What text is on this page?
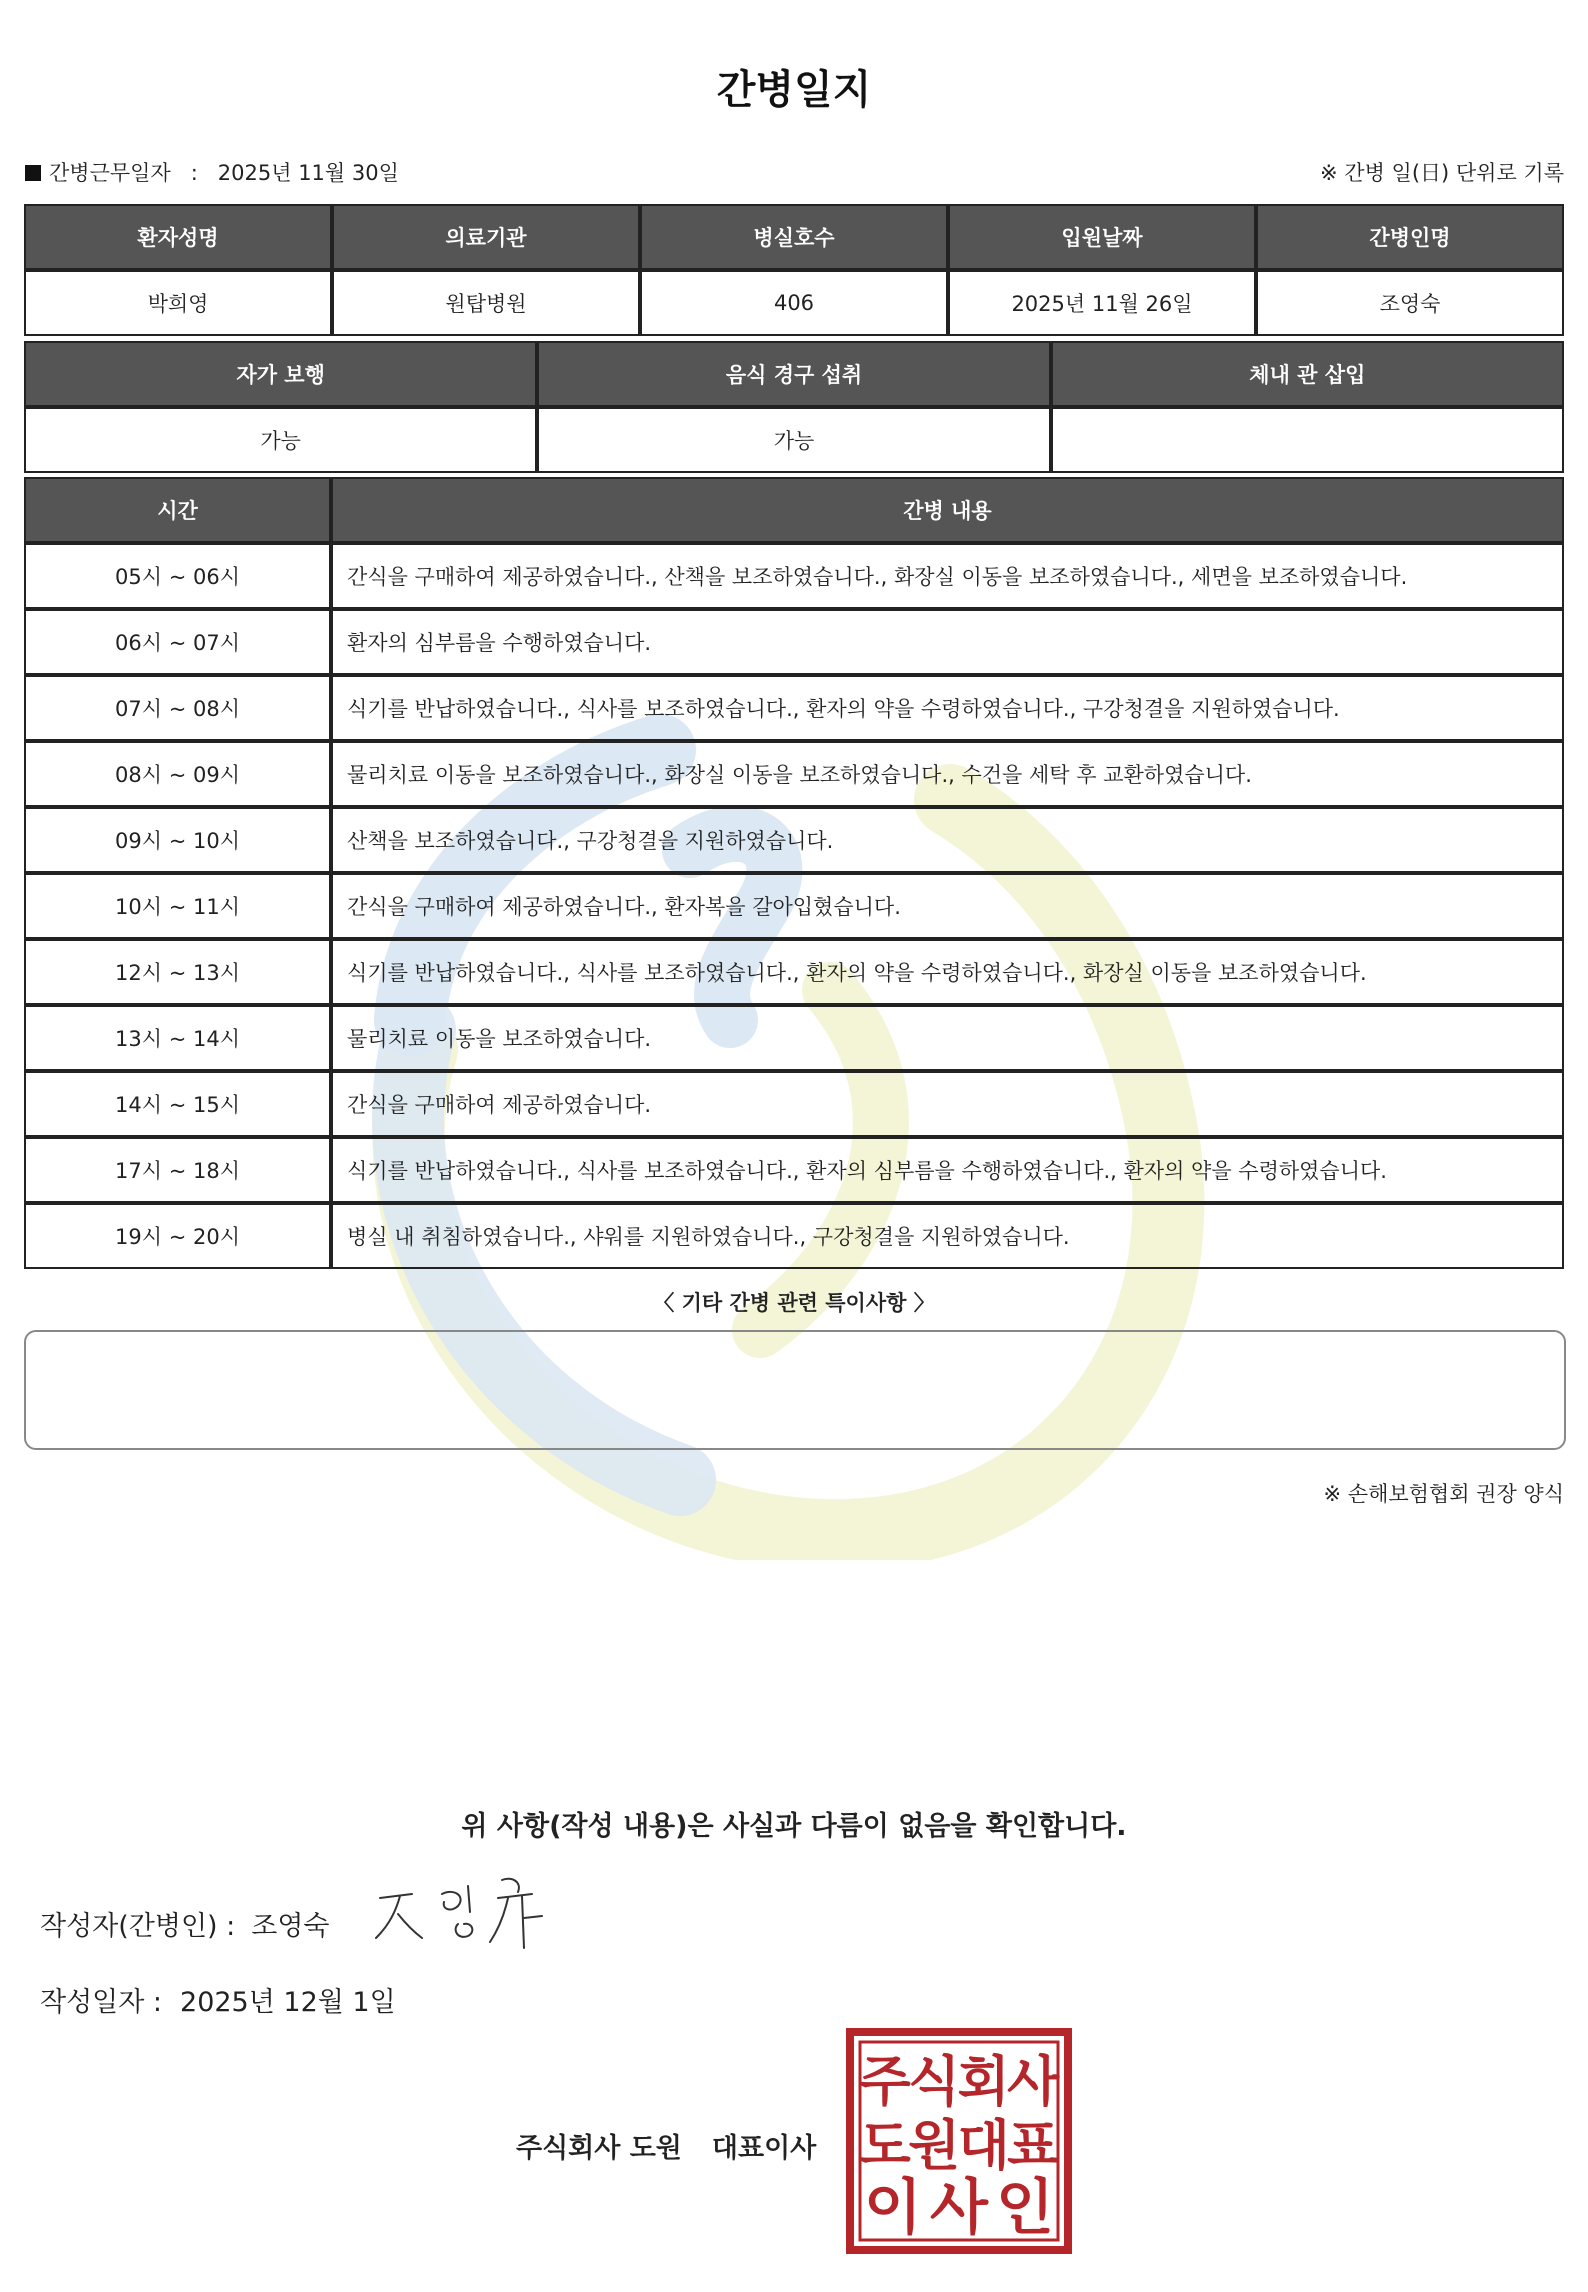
간병일지
간병근무일자 : 2025년 11월 30일	※ 간병 일(日) 단위로 기록
환자성명	의료기관	병실호수	입원날짜	간병인명
박희영	원탑병원	406	2025년 11월 26일	조영숙
자가 보행	음식 경구 섭취	체내 관 삽입
가능	가능	
시간	간병 내용
05시 ~ 06시	간식을 구매하여 제공하였습니다., 산책을 보조하였습니다., 화장실 이동을 보조하였습니다., 세면을 보조하였습니다.
06시 ~ 07시	환자의 심부름을 수행하였습니다.
07시 ~ 08시	식기를 반납하였습니다., 식사를 보조하였습니다., 환자의 약을 수령하였습니다., 구강청결을 지원하였습니다.
08시 ~ 09시	물리치료 이동을 보조하였습니다., 화장실 이동을 보조하였습니다., 수건을 세탁 후 교환하였습니다.
09시 ~ 10시	산책을 보조하였습니다., 구강청결을 지원하였습니다.
10시 ~ 11시	간식을 구매하여 제공하였습니다., 환자복을 갈아입혔습니다.
12시 ~ 13시	식기를 반납하였습니다., 식사를 보조하였습니다., 환자의 약을 수령하였습니다., 화장실 이동을 보조하였습니다.
13시 ~ 14시	물리치료 이동을 보조하였습니다.
14시 ~ 15시	간식을 구매하여 제공하였습니다.
17시 ~ 18시	식기를 반납하였습니다., 식사를 보조하였습니다., 환자의 심부름을 수행하였습니다., 환자의 약을 수령하였습니다.
19시 ~ 20시	병실 내 취침하였습니다., 샤워를 지원하였습니다., 구강청결을 지원하였습니다.
〈 기타 간병 관련 특이사항 〉
※ 손해보험협회 권장 양식
위 사항(작성 내용)은 사실과 다름이 없음을 확인합니다.
작성자(간병인) : 조영숙
작성일자 : 2025년 12월 1일
주식회사 도원 대표이사
주
식
회
사
도
원
대
표
이 사 인
